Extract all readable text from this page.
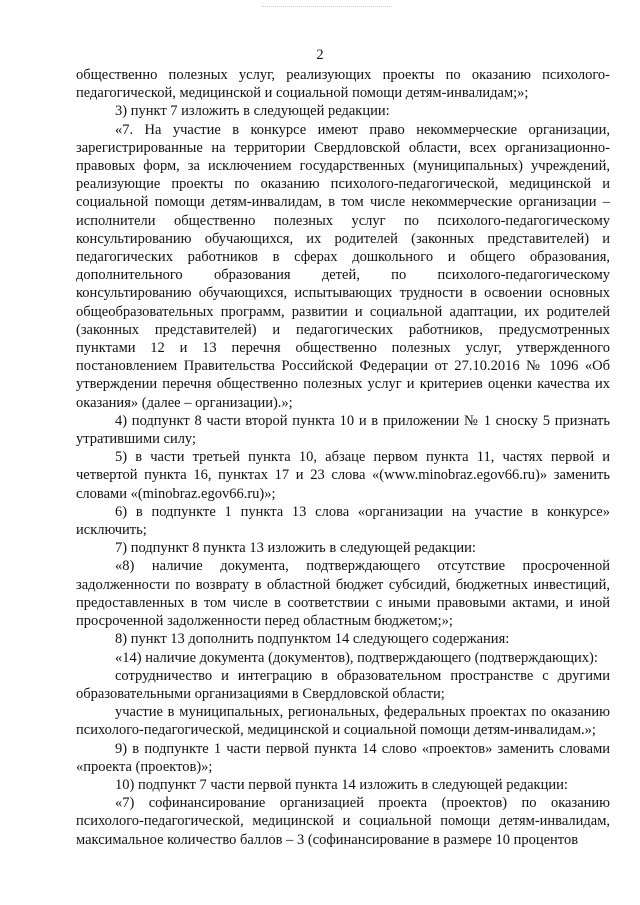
2

общественно полезных услуг, реализующих проекты по оказанию психолого-педагогической, медицинской и социальной помощи детям-инвалидам;»;

3) пункт 7 изложить в следующей редакции:

«7. На участие в конкурсе имеют право некоммерческие организации, зарегистрированные на территории Свердловской области, всех организационно-правовых форм, за исключением государственных (муниципальных) учреждений, реализующие проекты по оказанию психолого-педагогической, медицинской и социальной помощи детям-инвалидам, в том числе некоммерческие организации – исполнители общественно полезных услуг по психолого-педагогическому консультированию обучающихся, их родителей (законных представителей) и педагогических работников в сферах дошкольного и общего образования, дополнительного образования детей, по психолого-педагогическому консультированию обучающихся, испытывающих трудности в освоении основных общеобразовательных программ, развитии и социальной адаптации, их родителей (законных представителей) и педагогических работников, предусмотренных пунктами 12 и 13 перечня общественно полезных услуг, утвержденного постановлением Правительства Российской Федерации от 27.10.2016 № 1096 «Об утверждении перечня общественно полезных услуг и критериев оценки качества их оказания» (далее – организации).»;

4) подпункт 8 части второй пункта 10 и в приложении № 1 сноску 5 признать утратившими силу;

5) в части третьей пункта 10, абзаце первом пункта 11, частях первой и четвертой пункта 16, пунктах 17 и 23 слова «(www.minobraz.egov66.ru)» заменить словами «(minobraz.egov66.ru)»;

6) в подпункте 1 пункта 13 слова «организации на участие в конкурсе» исключить;

7) подпункт 8 пункта 13 изложить в следующей редакции:

«8) наличие документа, подтверждающего отсутствие просроченной задолженности по возврату в областной бюджет субсидий, бюджетных инвестиций, предоставленных в том числе в соответствии с иными правовыми актами, и иной просроченной задолженности перед областным бюджетом;»;

8) пункт 13 дополнить подпунктом 14 следующего содержания:

«14) наличие документа (документов), подтверждающего (подтверждающих):

сотрудничество и интеграцию в образовательном пространстве с другими образовательными организациями в Свердловской области;

участие в муниципальных, региональных, федеральных проектах по оказанию психолого-педагогической, медицинской и социальной помощи детям-инвалидам.»;

9) в подпункте 1 части первой пункта 14 слово «проектов» заменить словами «проекта (проектов)»;

10) подпункт 7 части первой пункта 14 изложить в следующей редакции:

«7) софинансирование организацией проекта (проектов) по оказанию психолого-педагогической, медицинской и социальной помощи детям-инвалидам, максимальное количество баллов – 3 (софинансирование в размере 10 процентов
